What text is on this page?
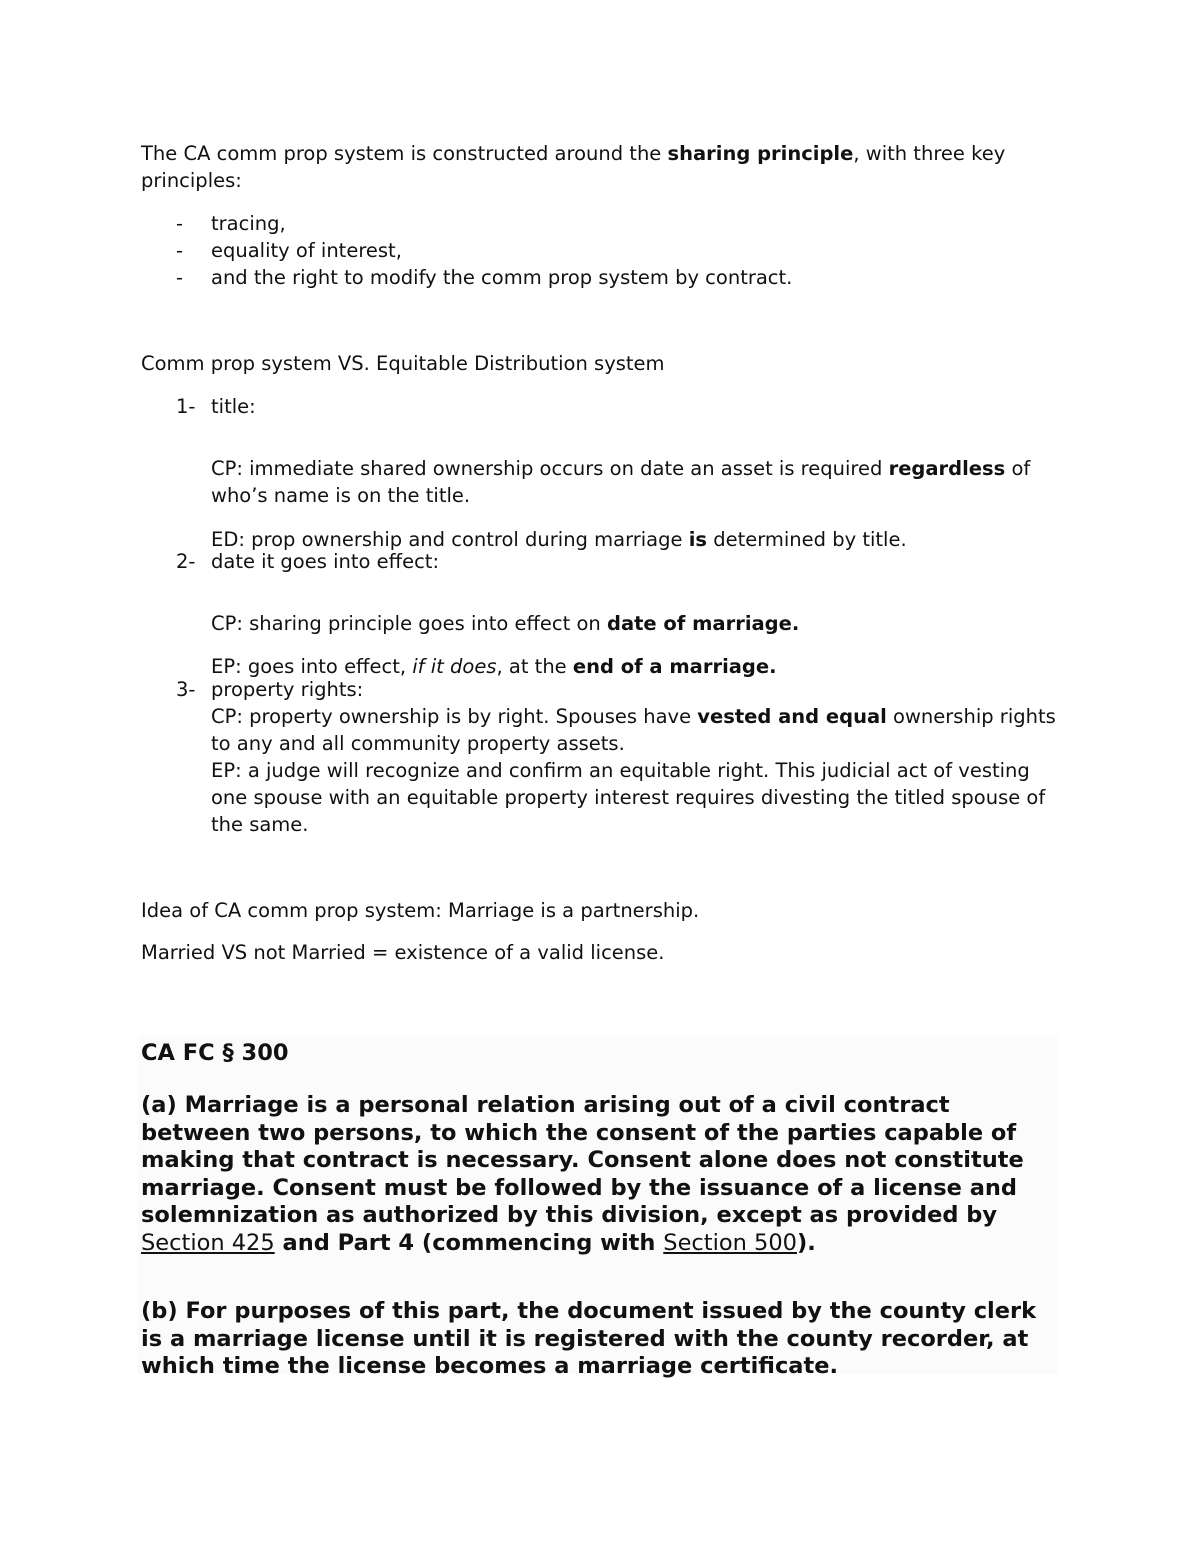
The CA comm prop system is constructed around the sharing principle, with three key principles:

- tracing,
- equality of interest,
- and the right to modify the comm prop system by contract.

Comm prop system VS. Equitable Distribution system

1- title:

CP: immediate shared ownership occurs on date an asset is required regardless of who’s name is on the title.

ED: prop ownership and control during marriage is determined by title.

2- date it goes into effect:

CP: sharing principle goes into effect on date of marriage.

EP: goes into effect, if it does, at the end of a marriage.

3- property rights:

CP: property ownership is by right. Spouses have vested and equal ownership rights to any and all community property assets.

EP: a judge will recognize and confirm an equitable right. This judicial act of vesting one spouse with an equitable property interest requires divesting the titled spouse of the same.

Idea of CA comm prop system: Marriage is a partnership.

Married VS not Married = existence of a valid license.

CA FC § 300

(a) Marriage is a personal relation arising out of a civil contract between two persons, to which the consent of the parties capable of making that contract is necessary. Consent alone does not constitute marriage. Consent must be followed by the issuance of a license and solemnization as authorized by this division, except as provided by Section 425 and Part 4 (commencing with Section 500).

(b) For purposes of this part, the document issued by the county clerk is a marriage license until it is registered with the county recorder, at which time the license becomes a marriage certificate.
